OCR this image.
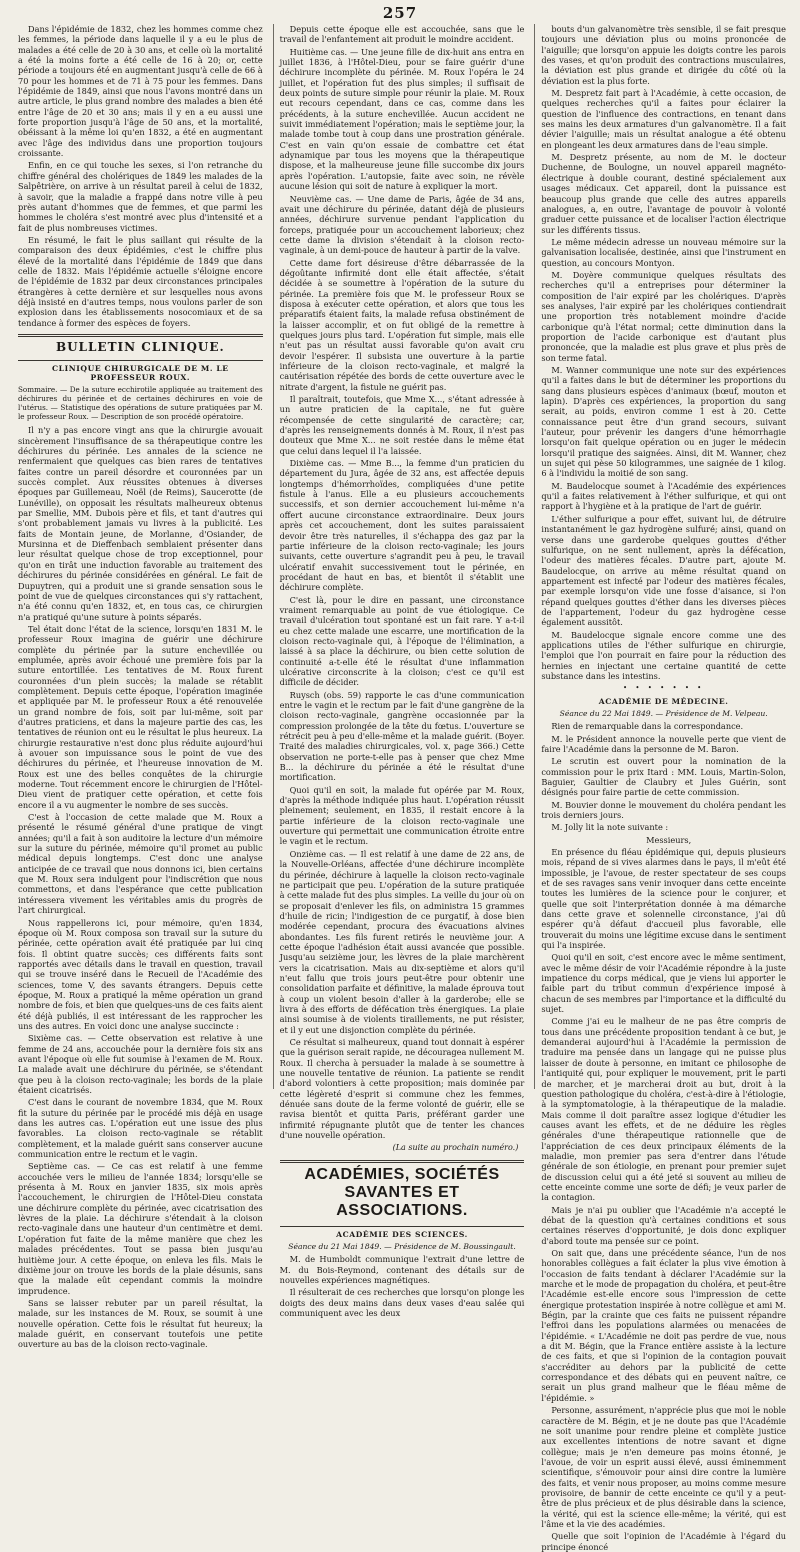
257

Dans l'épidémie de 1832, chez les hommes comme chez les femmes, la période dans laquelle il y a eu le plus de malades a été celle de 20 à 30 ans, et celle où la mortalité a été la moins forte a été celle de 16 à 20; or, cette période a toujours été en augmentant jusqu'à celle de 66 à 70 pour les hommes et de 71 à 75 pour les femmes. Dans l'épidémie de 1849, ainsi que nous l'avons montré dans un autre article, le plus grand nombre des malades a bien été entre l'âge de 20 et 30 ans; mais il y en a eu aussi une forte proportion jusqu'à l'âge de 50 ans, et la mortalité, obéissant à la même loi qu'en 1832, a été en augmentant avec l'âge des individus dans une proportion toujours croissante.

Enfin, en ce qui touche les sexes, si l'on retranche du chiffre général des cholériques de 1849 les malades de la Salpêtrière, on arrive à un résultat pareil à celui de 1832, à savoir, que la maladie a frappé dans notre ville à peu près autant d'hommes que de femmes, et que parmi les hommes le choléra s'est montré avec plus d'intensité et a fait de plus nombreuses victimes.

En résumé, le fait le plus saillant qui résulte de la comparaison des deux épidémies, c'est le chiffre plus élevé de la mortalité dans l'épidémie de 1849 que dans celle de 1832. Mais l'épidémie actuelle s'éloigne encore de l'épidémie de 1832 par deux circonstances principales étrangères à cette dernière et sur lesquelles nous avons déjà insisté en d'autres temps, nous voulons parler de son explosion dans les établissements nosocomiaux et de sa tendance à former des espèces de foyers.

BULLETIN CLINIQUE.
CLINIQUE CHIRURGICALE DE M. LE PROFESSEUR ROUX.

Sommaire. — De la suture ecchirotile appliquée au traitement des déchirures du périnée et de certaines déchirures en voie de l'utérus. — Statistique des opérations de suture pratiquées par M. le professeur Roux. — Description de son procédé opératoire.

Il n'y a pas encore vingt ans que la chirurgie avouait sincèrement l'insuffisance de sa thérapeutique contre les déchirures du périnée. Les annales de la science ne renfermaient que quelques cas bien rares de tentatives faites contre un pareil désordre et couronnées par un succès complet. Aux réussites obtenues à diverses époques par Guillemeau, Noël (de Reims), Saucerotte (de Lunéville), on opposait les résultats malheureux obtenus par Smellie, MM. Dubois père et fils, et tant d'autres qui s'ont probablement jamais vu livres à la publicité. Les faits de Montain jeune, de Morlanne, d'Osiander, de Mursinna et de Dieffenbach semblaient présenter dans leur résultat quelque chose de trop exceptionnel, pour qu'on en tirât une induction favorable au traitement des déchirures du périnée considérées en général. Le fait de Dupuytren, qui a produit une si grande sensation sous le point de vue de quelques circonstances qui s'y rattachent, n'a été connu qu'en 1832, et, en tous cas, ce chirurgien n'a pratiqué qu'une suture à points séparés.

Tel était donc l'état de la science, lorsqu'en 1831 M. le professeur Roux imagina de guérir une déchirure complète du périnée par la suture enchevillée ou emplumée, après avoir échoué une première fois par la suture entortillée. Les tentatives de M. Roux furent couronnées d'un plein succès; la malade se rétablit complètement. Depuis cette époque, l'opération imaginée et appliquée par M. le professeur Roux a été renouvelée un grand nombre de fois, soit par lui-même, soit par d'autres praticiens, et dans la majeure partie des cas, les tentatives de réunion ont eu le résultat le plus heureux. La chirurgie restaurative n'est donc plus réduite aujourd'hui à avouer son impuissance sous le point de vue des déchirures du périnée, et l'heureuse innovation de M. Roux est une des belles conquêtes de la chirurgie moderne. Tout récemment encore le chirurgien de l'Hôtel-Dieu vient de pratiquer cette opération, et cette fois encore il a vu augmenter le nombre de ses succès.

C'est à l'occasion de cette malade que M. Roux a présenté le résumé général d'une pratique de vingt années; qu'il a fait à son auditoire la lecture d'un mémoire sur la suture du périnée, mémoire qu'il promet au public médical depuis longtemps. C'est donc une analyse anticipée de ce travail que nous donnons ici, bien certains que M. Roux sera indulgent pour l'indiscrétion que nous commettons, et dans l'espérance que cette publication intéressera vivement les véritables amis du progrès de l'art chirurgical.

Nous rappellerons ici, pour mémoire, qu'en 1834, époque où M. Roux composa son travail sur la suture du périnée, cette opération avait été pratiquée par lui cinq fois. Il obtint quatre succès; ces différents faits sont rapportés avec détails dans le travail en question, travail qui se trouve inséré dans le Recueil de l'Académie des sciences, tome V, des savants étrangers. Depuis cette époque, M. Roux a pratiqué la même opération un grand nombre de fois, et bien que quelques-uns de ces faits aient été déjà publiés, il est intéressant de les rapprocher les uns des autres. En voici donc une analyse succincte :

Sixième cas. — Cette observation est relative à une femme de 24 ans, accouchée pour la dernière fois six ans avant l'époque où elle fut soumise à l'examen de M. Roux. La malade avait une déchirure du périnée, se s'étendant que peu à la cloison recto-vaginale; les bords de la plaie étaient cicatrisés.

C'est dans le courant de novembre 1834, que M. Roux fit la suture du périnée par le procédé mis déjà en usage dans les autres cas. L'opération eut une issue des plus favorables. La cloison recto-vaginale se rétablit complètement, et la malade guérit sans conserver aucune communication entre le rectum et le vagin.

Septième cas. — Ce cas est relatif à une femme accouchée vers le milieu de l'année 1834; lorsqu'elle se présenta à M. Roux en janvier 1835, six mois après l'accouchement, le chirurgien de l'Hôtel-Dieu constata une déchirure complète du périnée, avec cicatrisation des lèvres de la plaie. La déchirure s'étendait à la cloison recto-vaginale dans une hauteur d'un centimètre et demi. L'opération fut faite de la même manière que chez les malades précédentes. Tout se passa bien jusqu'au huitième jour. A cette époque, on enleva les fils. Mais le dixième jour on trouve les bords de la plaie désunis, sans que la malade eût cependant commis la moindre imprudence.

Sans se laisser rebuter par un pareil résultat, la malade, sur les instances de M. Roux, se soumit à une nouvelle opération. Cette fois le résultat fut heureux; la malade guérit, en conservant toutefois une petite ouverture au bas de la cloison recto-vaginale.

Depuis cette époque elle est accouchée, sans que le travail de l'enfantement ait produit le moindre accident.

Huitième cas. — Une jeune fille de dix-huit ans entra en juillet 1836, à l'Hôtel-Dieu, pour se faire guérir d'une déchirure incomplète du périnée. M. Roux l'opéra le 24 juillet, et l'opération fut des plus simples; il suffisait de deux points de suture simple pour réunir la plaie. M. Roux eut recours cependant, dans ce cas, comme dans les précédents, à la suture enchevillée. Aucun accident ne suivit immédiatement l'opération; mais le septième jour, la malade tombe tout à coup dans une prostration générale. C'est en vain qu'on essaie de combattre cet état adynamique par tous les moyens que la thérapeutique dispose, et la malheureuse jeune fille succombe dix jours après l'opération. L'autopsie, faite avec soin, ne révèle aucune lésion qui soit de nature à expliquer la mort.

Neuvième cas. — Une dame de Paris, âgée de 34 ans, avait une déchirure du périnée, datant déjà de plusieurs années, déchirure survenue pendant l'application du forceps, pratiquée pour un accouchement laborieux; chez cette dame la division s'étendait à la cloison recto-vaginale, à un demi-pouce de hauteur à partir de la valve.

Cette dame fort désireuse d'être débarrassée de la dégoûtante infirmité dont elle était affectée, s'était décidée à se soumettre à l'opération de la suture du périnée. La première fois que M. le professeur Roux se disposa à exécuter cette opération, et alors que tous les préparatifs étaient faits, la malade refusa obstinément de la laisser accomplir, et on fut obligé de la remettre à quelques jours plus tard. L'opération fut simple, mais elle n'eut pas un résultat aussi favorable qu'on avait cru devoir l'espérer. Il subsista une ouverture à la partie inférieure de la cloison recto-vaginale, et malgré la cautérisation répétée des bords de cette ouverture avec le nitrate d'argent, la fistule ne guérit pas.

Il paraîtrait, toutefois, que Mme X..., s'étant adressée à un autre praticien de la capitale, ne fut guère récompensée de cette singularité de caractère; car, d'après les renseignements donnés à M. Roux, il n'est pas douteux que Mme X... ne soit restée dans le même état que celui dans lequel il l'a laissée.

Dixième cas. — Mme B..., la femme d'un praticien du département du Jura, âgée de 32 ans, est affectée depuis longtemps d'hémorrhoïdes, compliquées d'une petite fistule à l'anus. Elle a eu plusieurs accouchements successifs, et son dernier accouchement lui-même n'a offert aucune circonstance extraordinaire. Deux jours après cet accouchement, dont les suites paraissaient devoir être très naturelles, il s'échappa des gaz par la partie inférieure de la cloison recto-vaginale; les jours suivants, cette ouverture s'agrandit peu à peu, le travail ulcératif envahit successivement tout le périnée, en procédant de haut en bas, et bientôt il s'établit une déchirure complète.

C'est là, pour le dire en passant, une circonstance vraiment remarquable au point de vue étiologique. Ce travail d'ulcération tout spontané est un fait rare. Y a-t-il eu chez cette malade une escarre, une mortification de la cloison recto-vaginale qui, à l'époque de l'élimination, a laissé à sa place la déchirure, ou bien cette solution de continuité a-t-elle été le résultat d'une inflammation ulcérative circonscrite à la cloison; c'est ce qu'il est difficile de décider.

Ruysch (obs. 59) rapporte le cas d'une communication entre le vagin et le rectum par le fait d'une gangrène de la cloison recto-vaginale, gangrène occasionnée par la compression prolongée de la tête du fœtus. L'ouverture se rétrécit peu à peu d'elle-même et la malade guérit. (Boyer. Traité des maladies chirurgicales, vol. x, page 366.) Cette observation ne porte-t-elle pas à penser que chez Mme B... la déchirure du périnée a été le résultat d'une mortification.

Quoi qu'il en soit, la malade fut opérée par M. Roux, d'après la méthode indiquée plus haut. L'opération réussit pleinement; seulement, en 1835, il restait encore à la partie inférieure de la cloison recto-vaginale une ouverture qui permettait une communication étroite entre le vagin et le rectum.

Onzième cas. — Il est relatif à une dame de 22 ans, de la Nouvelle-Orléans, affectée d'une déchirure incomplète du périnée, déchirure à laquelle la cloison recto-vaginale ne participait que peu. L'opération de la suture pratiquée à cette malade fut des plus simples. La veille du jour où on se proposait d'enlever les fils, on administra 15 grammes d'huile de ricin; l'indigestion de ce purgatif, à dose bien modérée cependant, procura des évacuations alvines abondantes. Les fils furent retirés le neuvième jour. A cette époque l'adhésion était aussi avancée que possible. Jusqu'au seizième jour, les lèvres de la plaie marchèrent vers la cicatrisation. Mais au dix-septième et alors qu'il n'eut fallu que trois jours peut-être pour obtenir une consolidation parfaite et définitive, la malade éprouva tout à coup un violent besoin d'aller à la garderobe; elle se livra à des efforts de défécation très énergiques. La plaie ainsi soumise à de violents tiraillements, ne put résister, et il y eut une disjonction complète du périnée.

Ce résultat si malheureux, quand tout donnait à espérer que la guérison serait rapide, ne découragea nullement M. Roux. Il chercha à persuader la malade à se soumettre à une nouvelle tentative de réunion. La patiente se rendit d'abord volontiers à cette proposition; mais dominée par cette légèreté d'esprit si commune chez les femmes, dénuée sans doute de la ferme volonté de guérir, elle se ravisa bientôt et quitta Paris, préférant garder une infirmité répugnante plutôt que de tenter les chances d'une nouvelle opération.

(La suite au prochain numéro.)

ACADÉMIES, SOCIÉTÉS SAVANTES ET ASSOCIATIONS.
ACADÉMIE DES SCIENCES.

Séance du 21 Mai 1849. — Présidence de M. Boussingault.

M. de Humboldt communique l'extrait d'une lettre de M. du Bois-Reymond, contenant des détails sur de nouvelles expériences magnétiques.

Il résulterait de ces recherches que lorsqu'on plonge les doigts des deux mains dans deux vases d'eau salée qui communiquent avec les deux

bouts d'un galvanomètre très sensible, il se fait presque toujours une déviation plus ou moins prononcée de l'aiguille; que lorsqu'on appuie les doigts contre les parois des vases, et qu'on produit des contractions musculaires, la déviation est plus grande et dirigée du côté où la déviation est la plus forte.

M. Despretz fait part à l'Académie, à cette occasion, de quelques recherches qu'il a faites pour éclairer la question de l'influence des contractions, en tenant dans ses mains les deux armatures d'un galvanomètre. Il a fait dévier l'aiguille; mais un résultat analogue a été obtenu en plongeant les deux armatures dans de l'eau simple.

M. Despretz présente, au nom de M. le docteur Duchenne, de Boulogne, un nouvel appareil magnéto-électrique à double courant, destiné spécialement aux usages médicaux. Cet appareil, dont la puissance est beaucoup plus grande que celle des autres appareils analogues, a, en outre, l'avantage de pouvoir à volonté graduer cette puissance et de localiser l'action électrique sur les différents tissus.

Le même médecin adresse un nouveau mémoire sur la galvanisation localisée, destinée, ainsi que l'instrument en question, au concours Montyon.

M. Doyère communique quelques résultats des recherches qu'il a entreprises pour déterminer la composition de l'air expiré par les cholériques. D'après ses analyses, l'air expiré par les cholériques contiendrait une proportion très notablement moindre d'acide carbonique qu'à l'état normal; cette diminution dans la proportion de l'acide carbonique est d'autant plus prononcée, que la maladie est plus grave et plus près de son terme fatal.

M. Wanner communique une note sur des expériences qu'il a faites dans le but de déterminer les proportions du sang dans plusieurs espèces d'animaux (bœuf, mouton et lapin). D'après ces expériences, la proportion du sang serait, au poids, environ comme 1 est à 20. Cette connaissance peut être d'un grand secours, suivant l'auteur, pour prévenir les dangers d'une hémorrhagie lorsqu'on fait quelque opération ou en juger le médecin lorsqu'il pratique des saignées. Ainsi, dit M. Wanner, chez un sujet qui pèse 50 kilogrammes, une saignée de 1 kilog. 6 à l'individu la moitié de son sang.

M. Baudelocque soumet à l'Académie des expériences qu'il a faites relativement à l'éther sulfurique, et qui ont rapport à l'hygiène et à la pratique de l'art de guérir.

L'éther sulfurique a pour effet, suivant lui, de détruire instantanément le gaz hydrogène sulfuré; ainsi, quand on verse dans une garderobe quelques gouttes d'éther sulfurique, on ne sent nullement, après la défécation, l'odeur des matières fécales. D'autre part, ajoute M. Baudelocque, on arrive au même résultat quand on appartement est infecté par l'odeur des matières fécales, par exemple lorsqu'on vide une fosse d'aisance, si l'on répand quelques gouttes d'éther dans les diverses pièces de l'appartement, l'odeur du gaz hydrogène cesse également aussitôt.

M. Baudelocque signale encore comme une des applications utiles de l'éther sulfurique en chirurgie, l'emploi que l'on pourrait en faire pour la réduction des hernies en injectant une certaine quantité de cette substance dans les intestins.

• • • • • • •

ACADÉMIE DE MÉDECINE.

Séance du 22 Mai 1849. — Présidence de M. Velpeau.

Rien de remarquable dans la correspondance.

M. le Président annonce la nouvelle perte que vient de faire l'Académie dans la personne de M. Baron.

Le scrutin est ouvert pour la nomination de la commission pour le prix Itard : MM. Louis, Martin-Solon, Baguier, Gaultier de Claubry et Jules Guérin, sont désignés pour faire partie de cette commission.

M. Bouvier donne le mouvement du choléra pendant les trois derniers jours.

M. Jolly lit la note suivante :

Messieurs,

En présence du fléau épidémique qui, depuis plusieurs mois, répand de si vives alarmes dans le pays, il m'eût été impossible, je l'avoue, de rester spectateur de ses coups et de ses ravages sans venir invoquer dans cette enceinte toutes les lumières de la science pour le conjurer, et quelle que soit l'interprétation donnée à ma démarche dans cette grave et solennelle circonstance, j'ai dû espérer qu'à défaut d'accueil plus favorable, elle trouverait du moins une légitime excuse dans le sentiment qui l'a inspirée.

Quoi qu'il en soit, c'est encore avec le même sentiment, avec le même désir de voir l'Académie répondre à la juste impatience du corps médical, que je viens lui apporter le faible part du tribut commun d'expérience imposé à chacun de ses membres par l'importance et la difficulté du sujet.

Comme j'ai eu le malheur de ne pas être compris de tous dans une précédente proposition tendant à ce but, je demanderai aujourd'hui à l'Académie la permission de traduire ma pensée dans un langage qui ne puisse plus laisser de doute à personne, en imitant ce philosophe de l'antiquité qui, pour expliquer le mouvement, prit le parti de marcher, et je marcherai droit au but, droit à la question pathologique du choléra, c'est-à-dire à l'étiologie, à la symptomatologie, à la thérapeutique de la maladie. Mais comme il doit paraître assez logique d'étudier les causes avant les effets, et de ne déduire les règles générales d'une thérapeutique rationnelle que de l'appréciation de ces deux principaux éléments de la maladie, mon premier pas sera d'entrer dans l'étude générale de son étiologie, en prenant pour premier sujet de discussion celui qui a été jeté si souvent au milieu de cette enceinte comme une sorte de défi; je veux parler de la contagion.

Mais je n'ai pu oublier que l'Académie n'a accepté le débat de la question qu'à certaines conditions et sous certaines réserves d'opportunité, je dois donc expliquer d'abord toute ma pensée sur ce point.

On sait que, dans une précédente séance, l'un de nos honorables collègues a fait éclater la plus vive émotion à l'occasion de faits tendant à déclarer l'Académie sur la marche et le mode de propagation du choléra, et peut-être l'Académie est-elle encore sous l'impression de cette énergique protestation inspirée à notre collègue et ami M. Bégin, par la crainte que ces faits ne puissent répandre l'effroi dans les populations alarmées ou menacées de l'épidémie. « L'Académie ne doit pas perdre de vue, nous a dit M. Bégin, que la France entière assiste à la lecture de ces faits, et que si l'opinion de la contagion pouvait s'accréditer au dehors par la publicité de cette correspondance et des débats qui en peuvent naître, ce serait un plus grand malheur que le fléau même de l'épidémie. »

Personne, assurément, n'apprécie plus que moi le noble caractère de M. Bégin, et je ne doute pas que l'Académie ne soit unanime pour rendre pleine et complète justice aux excellentes intentions de notre savant et digne collègue; mais je n'en demeure pas moins étonné, je l'avoue, de voir un esprit aussi élevé, aussi éminemment scientifique, s'émouvoir pour ainsi dire contre la lumière des faits, et venir nous proposer, au moins comme mesure provisoire, de bannir de cette enceinte ce qu'il y a peut-être de plus précieux et de plus désirable dans la science, la vérité, qui est la science elle-même; la vérité, qui est l'âme et la vie des académies.

Quelle que soit l'opinion de l'Académie à l'égard du principe énoncé
